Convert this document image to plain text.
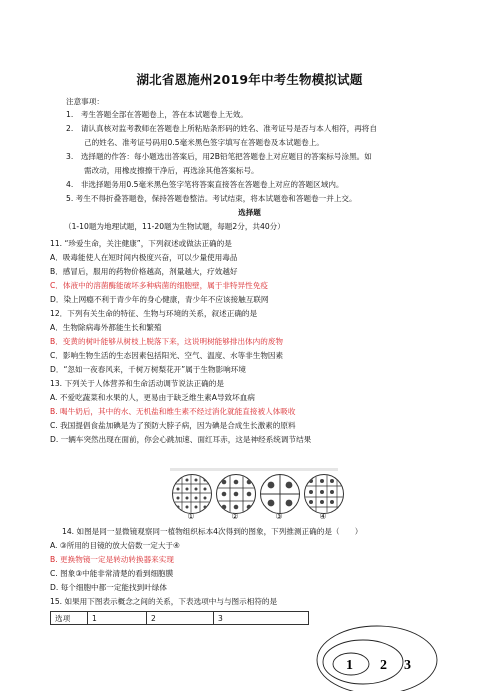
湖北省恩施州2019年中考生物模拟试题
注意事项：
1.　考生答题全部在答题卷上，答在本试题卷上无效。
2.　请认真核对监考教师在答题卷上所粘贴条形码的姓名、准考证号是否与本人相符，再将自
己的姓名、准考证号码用0.5毫米黑色签字填写在答题卷及本试题卷上。
3.　选择题的作答：每小题选出答案后，用2B铅笔把答题卷上对应题目的答案标号涂黑。如
需改动，用橡皮擦擦干净后，再选涂其他答案标号。
4.　非选择题务用0.5毫米黑色签字笔将答案直接答在答题卷上对应的答题区域内。
5. 考生不得折叠答题卷，保持答题卷整洁。考试结束，将本试题卷和答题卷一并上交。
选择题
（1-10题为地理试题，11-20题为生物试题，每题2分，共40分）
11. “珍爱生命，关注健康”，下列叙述或做法正确的是
A．吸毒能使人在短时间内极度兴奋，可以少量使用毒品
B．感冒后，服用的药物价格越高，剂量越大，疗效越好
C．体液中的溶菌酶能破坏多种病菌的细胞壁，属于非特异性免疫
D．染上网瘾不利于青少年的身心健康，青少年不应该接触互联网
12．下列有关生命的特征、生物与环境的关系，叙述正确的是
A．生物除病毒外都能生长和繁殖
B．变黄的树叶能够从树枝上脱落下来，这说明树能够排出体内的废物
C．影响生物生活的生态因素包括阳光、空气、温度、水等非生物因素
D．“忽如一夜春风来，千树万树梨花开”属于生物影响环境
13. 下列关于人体营养和生命活动调节说法正确的是
A. 不爱吃蔬菜和水果的人，更易由于缺乏维生素A导致坏血病
B. 喝牛奶后，其中的水、无机盐和维生素不经过消化就能直接被人体吸收
C. 我国提倡食盐加碘是为了预防大脖子病，因为碘是合成生长激素的原料
D. 一辆车突然出现在面前，你会心跳加速、面红耳赤，这是神经系统调节结果
①	②	③	④
14. 如图是同一显微镜观察同一植物组织标本4次得到的图象，下列推测正确的是（　　）
A. ③所用的目镜的放大倍数一定大于④
B. 更换物镜一定是转动转换器来实现
C. 图象③中能非常清楚的看到细胞膜
D. 每个细胞中都一定能找到叶绿体
15. 如果用下图表示概念之间的关系，下表选项中与与图示相符的是
选项	1	2	3
1 2 3
